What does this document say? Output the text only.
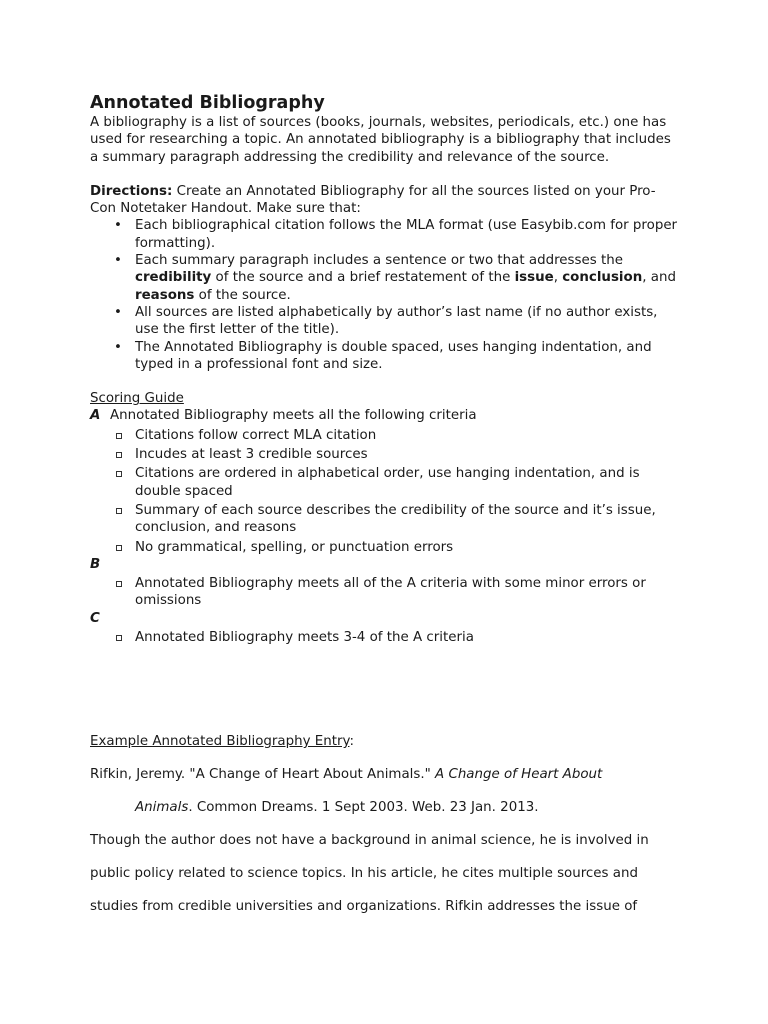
Annotated Bibliography

A bibliography is a list of sources (books, journals, websites, periodicals, etc.) one has used for researching a topic. An annotated bibliography is a bibliography that includes a summary paragraph addressing the credibility and relevance of the source.

Directions: Create an Annotated Bibliography for all the sources listed on your Pro-Con Notetaker Handout. Make sure that:

• Each bibliographical citation follows the MLA format (use Easybib.com for proper formatting).
• Each summary paragraph includes a sentence or two that addresses the credibility of the source and a brief restatement of the issue, conclusion, and reasons of the source.
• All sources are listed alphabetically by author’s last name (if no author exists, use the first letter of the title).
• The Annotated Bibliography is double spaced, uses hanging indentation, and typed in a professional font and size.

Scoring Guide

A Annotated Bibliography meets all the following criteria

Citations follow correct MLA citation
Incudes at least 3 credible sources
Citations are ordered in alphabetical order, use hanging indentation, and is double spaced
Summary of each source describes the credibility of the source and it’s issue, conclusion, and reasons
No grammatical, spelling, or punctuation errors

B

Annotated Bibliography meets all of the A criteria with some minor errors or omissions

C

Annotated Bibliography meets 3-4 of the A criteria

Example Annotated Bibliography Entry:

Rifkin, Jeremy. "A Change of Heart About Animals." A Change of Heart About

Animals. Common Dreams. 1 Sept 2003. Web. 23 Jan. 2013.

Though the author does not have a background in animal science, he is involved in

public policy related to science topics. In his article, he cites multiple sources and

studies from credible universities and organizations. Rifkin addresses the issue of
